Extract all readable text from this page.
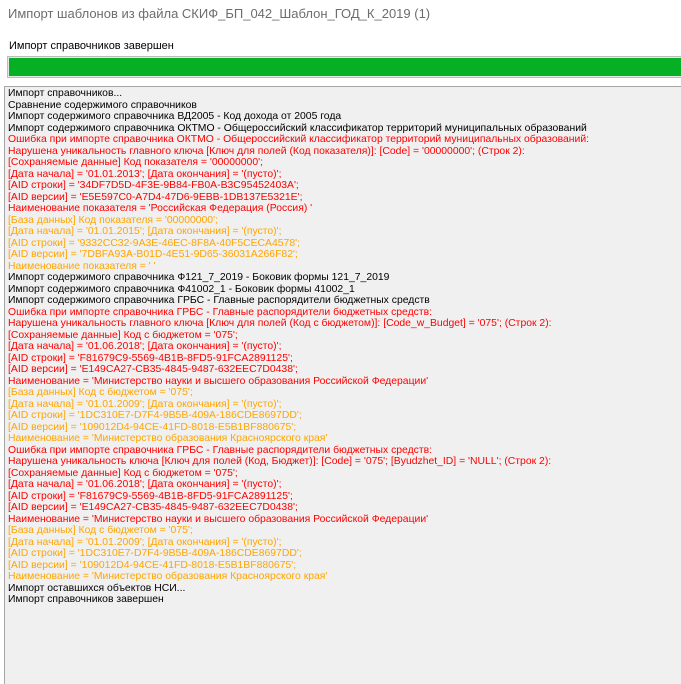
Импорт шаблонов из файла СКИФ_БП_042_Шаблон_ГОД_К_2019 (1)
Импорт справочников завершен
Импорт справочников...
Сравнение содержимого справочников
Импорт содержимого справочника ВД2005 - Код дохода от 2005 года
Импорт содержимого справочника ОКТМО - Общероссийский классификатор территорий муниципальных образований
Ошибка при импорте справочника ОКТМО - Общероссийский классификатор территорий муниципальных образований:
Нарушена уникальность главного ключа [Ключ для полей (Код показателя)]: [Code] = '00000000'; (Строк 2):
[Сохраняемые данные] Код показателя = '00000000';
[Дата начала] = '01.01.2013'; [Дата окончания] = '(пусто)';
[AID строки] = '34DF7D5D-4F3E-9B84-FB0A-B3C95452403A';
[AID версии] = 'E5E597C0-A7D4-47D6-9EBB-1DB137E5321E';
Наименование показателя = 'Российская Федерация (Россия) '
[База данных] Код показателя = '00000000';
[Дата начала] = '01.01.2015'; [Дата окончания] = '(пусто)';
[AID строки] = '9332CC32-9A3E-46EC-8F8A-40F5CECA4578';
[AID версии] = '7DBFA93A-B01D-4E51-9D65-36031A266F82';
Наименование показателя = ' '
Импорт содержимого справочника Ф121_7_2019 - Боковик формы 121_7_2019
Импорт содержимого справочника Ф41002_1 - Боковик формы 41002_1
Импорт содержимого справочника ГРБС - Главные распорядители бюджетных средств
Ошибка при импорте справочника ГРБС - Главные распорядители бюджетных средств:
Нарушена уникальность главного ключа [Ключ для полей (Код с бюджетом)]: [Code_w_Budget] = '075'; (Строк 2):
[Сохраняемые данные] Код с бюджетом = '075';
[Дата начала] = '01.06.2018'; [Дата окончания] = '(пусто)';
[AID строки] = 'F81679C9-5569-4B1B-8FD5-91FCA2891125';
[AID версии] = 'E149CA27-CB35-4845-9487-632EEC7D0438';
Наименование = 'Министерство науки и высшего образования Российской Федерации'
[База данных] Код с бюджетом = '075';
[Дата начала] = '01.01.2009'; [Дата окончания] = '(пусто)';
[AID строки] = '1DC310E7-D7F4-9B5B-409A-186CDE8697DD';
[AID версии] = '109012D4-94CE-41FD-8018-E5B1BF880675';
Наименование = 'Министерство образования Красноярского края'
Ошибка при импорте справочника ГРБС - Главные распорядители бюджетных средств:
Нарушена уникальность ключа [Ключ для полей (Код, Бюджет)]: [Code] = '075'; [Byudzhet_ID] = 'NULL'; (Строк 2):
[Сохраняемые данные] Код с бюджетом = '075';
[Дата начала] = '01.06.2018'; [Дата окончания] = '(пусто)';
[AID строки] = 'F81679C9-5569-4B1B-8FD5-91FCA2891125';
[AID версии] = 'E149CA27-CB35-4845-9487-632EEC7D0438';
Наименование = 'Министерство науки и высшего образования Российской Федерации'
[База данных] Код с бюджетом = '075';
[Дата начала] = '01.01.2009'; [Дата окончания] = '(пусто)';
[AID строки] = '1DC310E7-D7F4-9B5B-409A-186CDE8697DD';
[AID версии] = '109012D4-94CE-41FD-8018-E5B1BF880675';
Наименование = 'Министерство образования Красноярского края'
Импорт оставшихся объектов НСИ...
Импорт справочников завершен
